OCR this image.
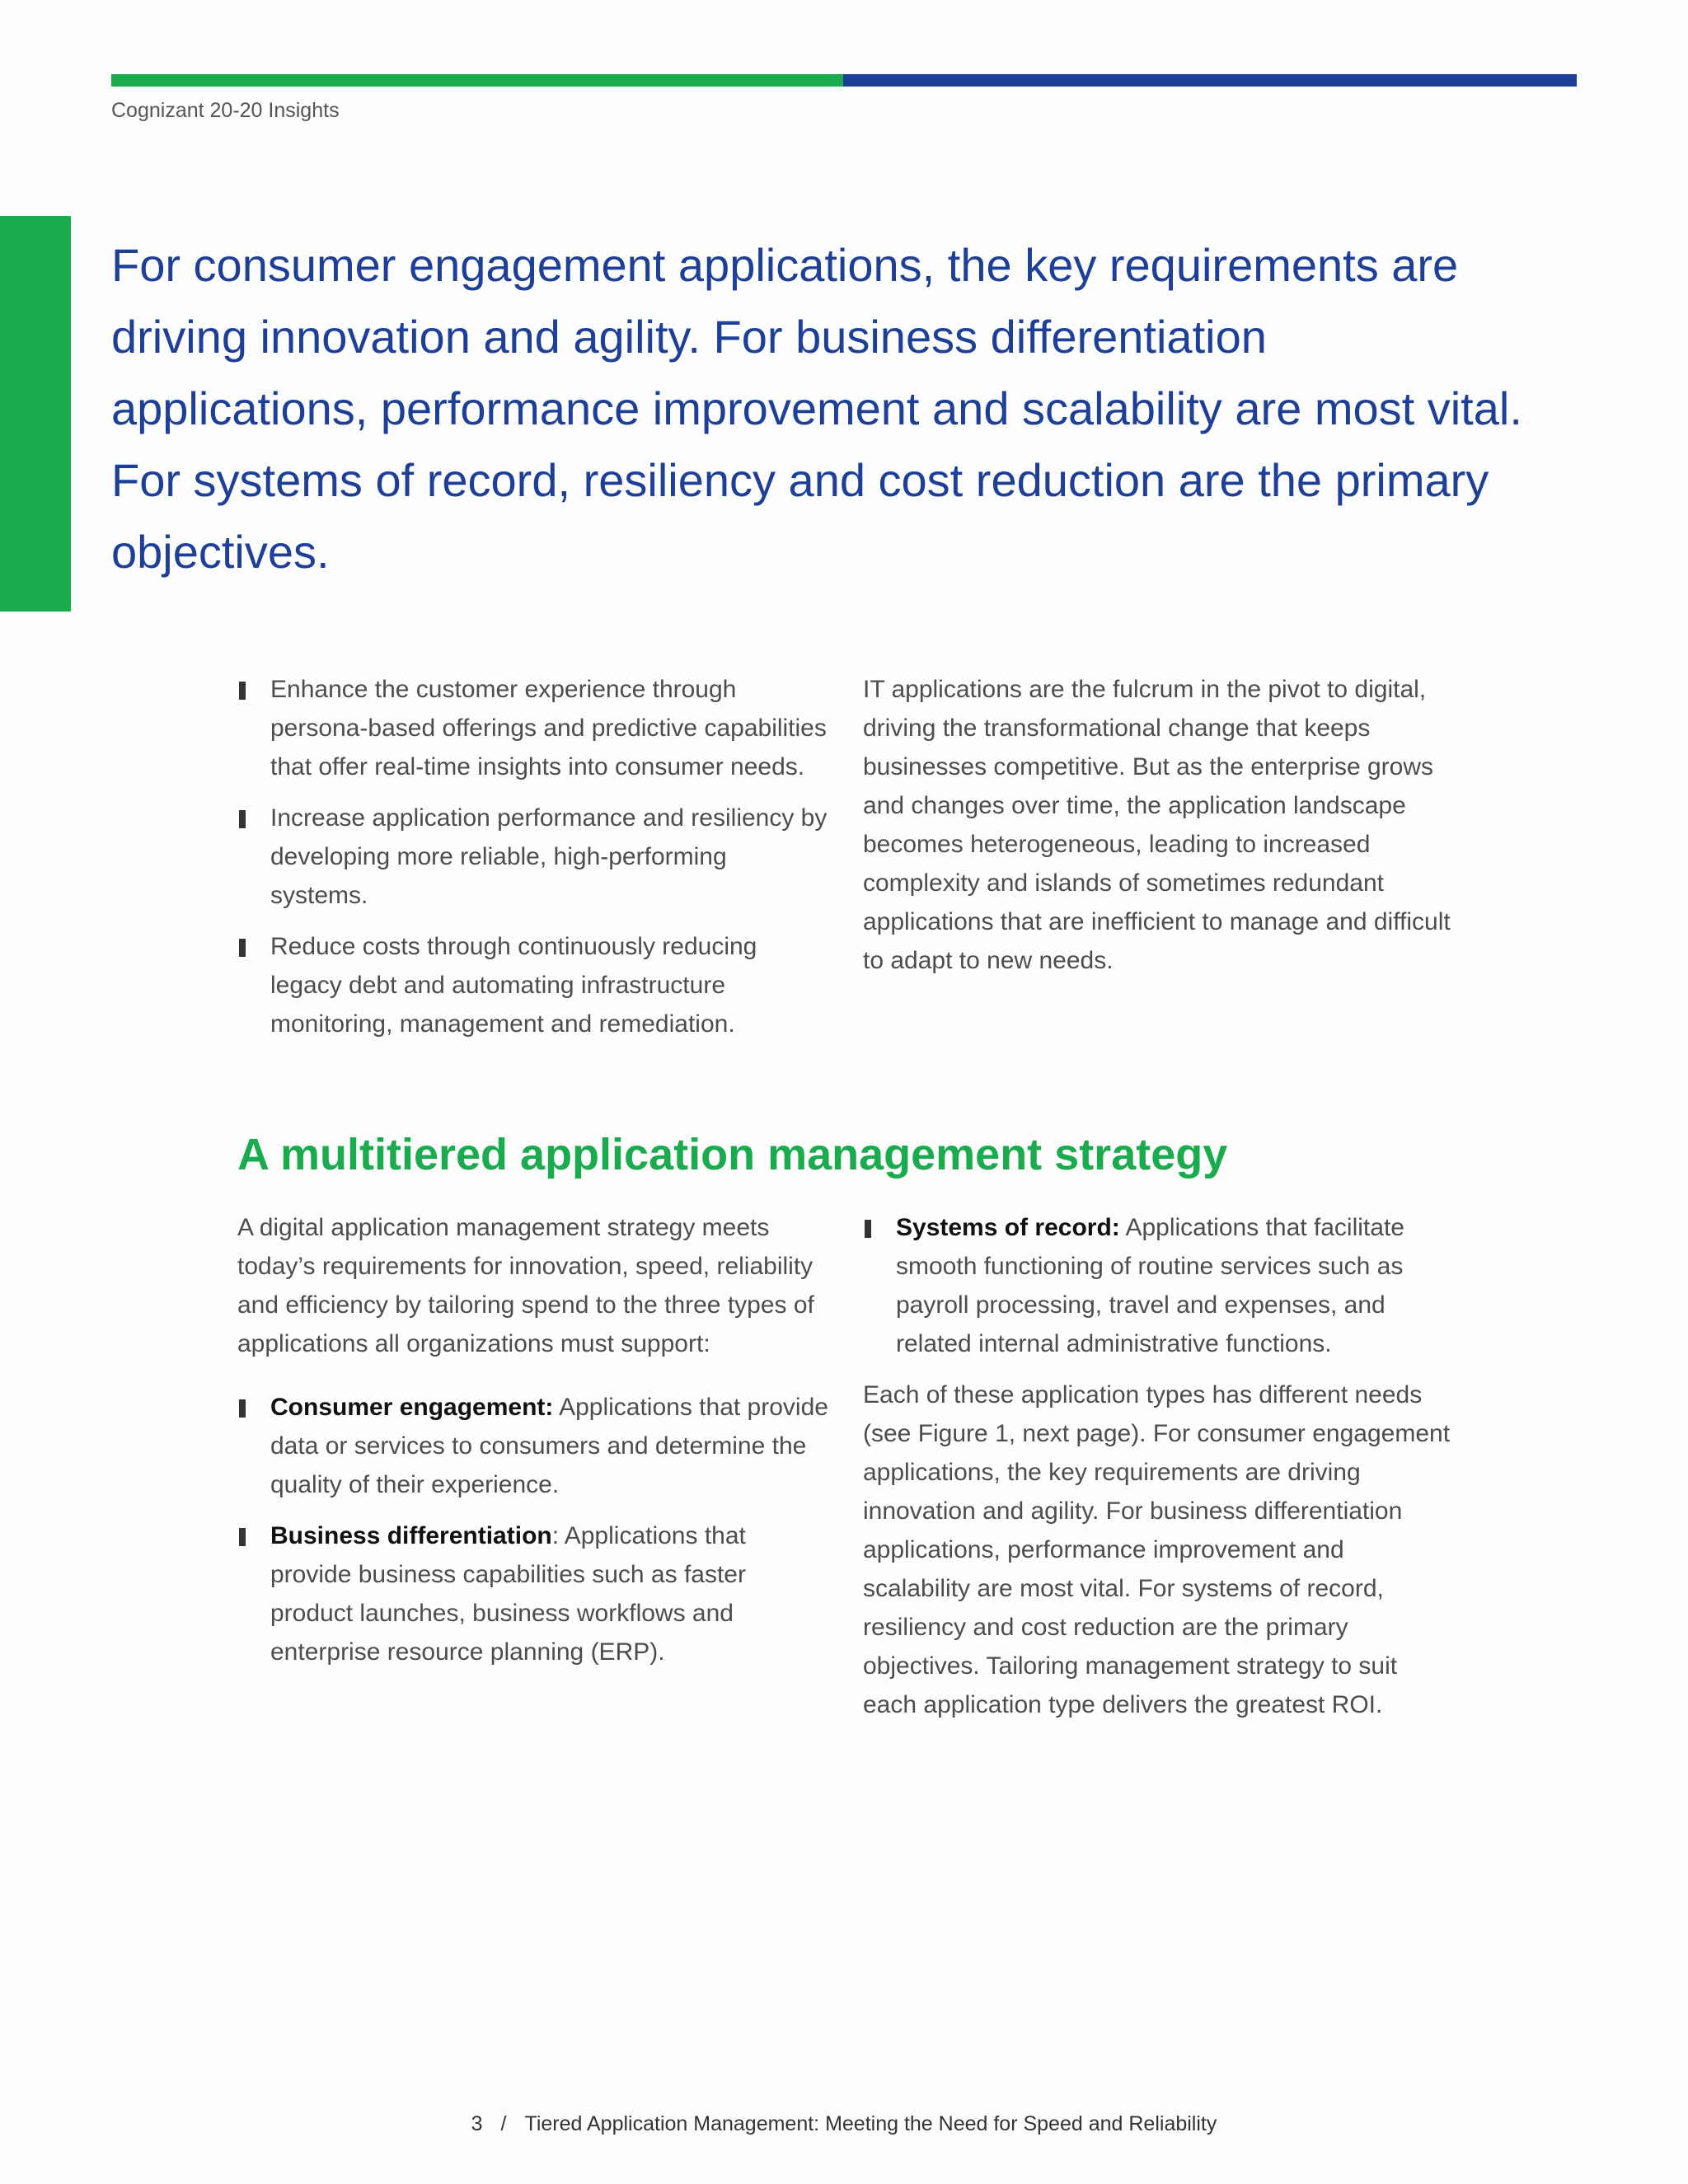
Cognizant 20-20 Insights

For consumer engagement applications, the key requirements are driving innovation and agility. For business differentiation applications, performance improvement and scalability are most vital. For systems of record, resiliency and cost reduction are the primary objectives.

Enhance the customer experience through persona-based offerings and predictive capabilities that offer real-time insights into consumer needs.
Increase application performance and resiliency by developing more reliable, high-performing systems.
Reduce costs through continuously reducing legacy debt and automating infrastructure monitoring, management and remediation.

IT applications are the fulcrum in the pivot to digital, driving the transformational change that keeps businesses competitive. But as the enterprise grows and changes over time, the application landscape becomes heterogeneous, leading to increased complexity and islands of sometimes redundant applications that are inefficient to manage and difficult to adapt to new needs.

A multitiered application management strategy

A digital application management strategy meets today’s requirements for innovation, speed, reliability and efficiency by tailoring spend to the three types of applications all organizations must support:

Consumer engagement: Applications that provide data or services to consumers and determine the quality of their experience.
Business differentiation: Applications that provide business capabilities such as faster product launches, business workflows and enterprise resource planning (ERP).
Systems of record: Applications that facilitate smooth functioning of routine services such as payroll processing, travel and expenses, and related internal administrative functions.

Each of these application types has different needs (see Figure 1, next page). For consumer engagement applications, the key requirements are driving innovation and agility. For business differentiation applications, performance improvement and scalability are most vital. For systems of record, resiliency and cost reduction are the primary objectives. Tailoring management strategy to suit each application type delivers the greatest ROI.

3 / Tiered Application Management: Meeting the Need for Speed and Reliability
